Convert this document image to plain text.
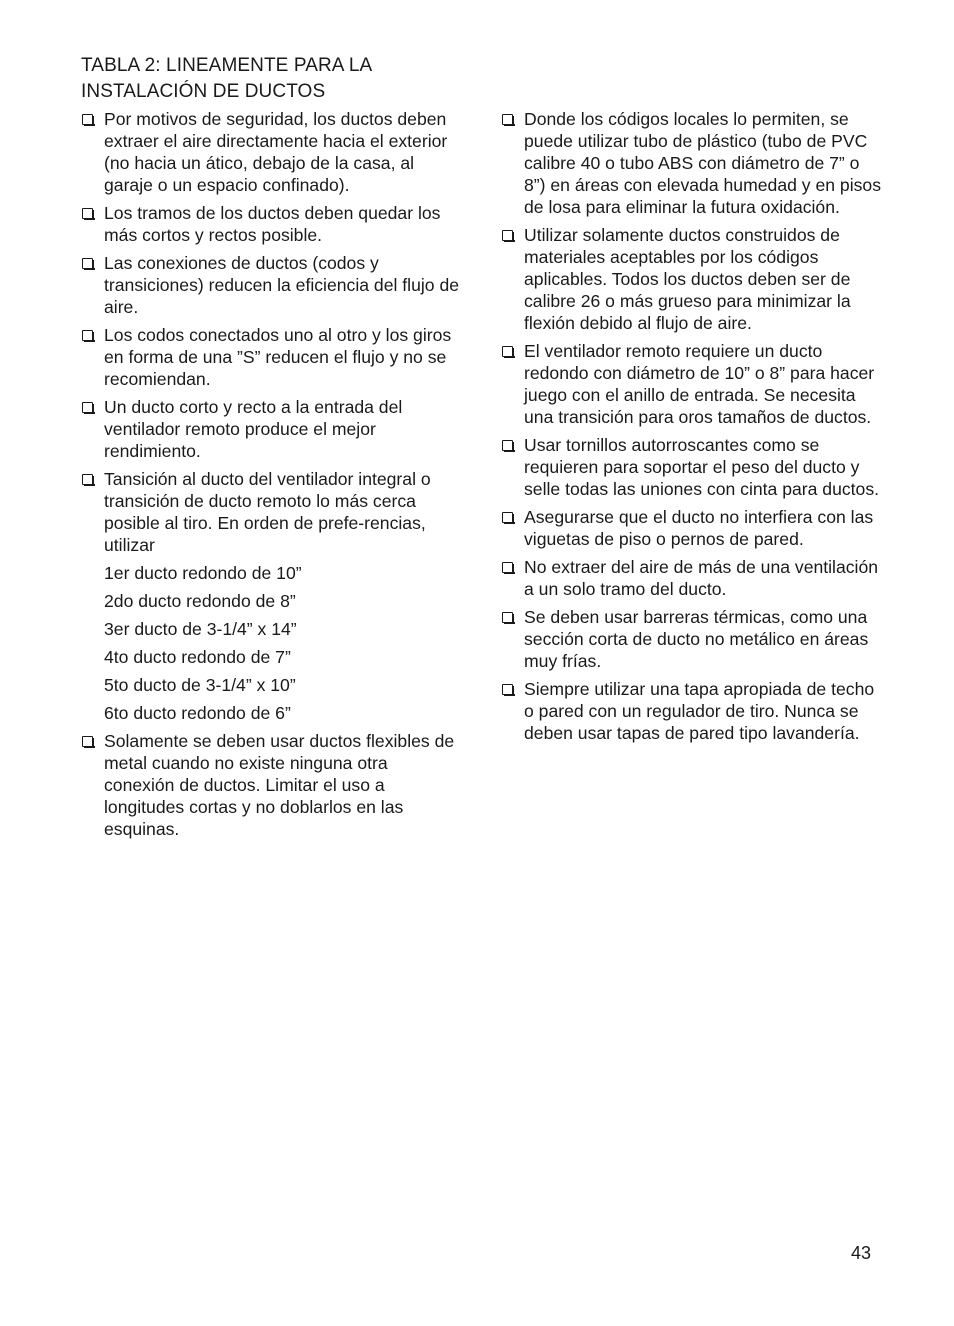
TABLA 2: LINEAMENTE PARA LA
INSTALACIÓN DE DUCTOS
Por motivos de seguridad, los ductos deben extraer el aire directamente hacia el exterior (no hacia un ático, debajo de la casa, al garaje o un espacio confinado).
Los tramos de los ductos deben quedar los más cortos y rectos posible.
Las conexiones de ductos (codos y transiciones) reducen la eficiencia del flujo de aire.
Los codos conectados uno al otro y los giros en forma de una ”S” reducen el flujo y no se recomiendan.
Un ducto corto y recto a la entrada del ventilador remoto produce el mejor rendimiento.
Tansición al ducto del ventilador integral o transición de ducto remoto lo más cerca posible al tiro. En orden de prefe-rencias, utilizar
1er ducto redondo de 10”
2do ducto redondo de 8”
3er ducto de 3-1/4” x 14”
4to ducto redondo de 7”
5to ducto de 3-1/4” x 10”
6to ducto redondo de 6”
Solamente se deben usar ductos flexibles de metal cuando no existe ninguna otra conexión de ductos. Limitar el uso a longitudes cortas y no doblarlos en las esquinas.
Donde los códigos locales lo permiten, se puede utilizar tubo de plástico (tubo de PVC calibre 40 o tubo ABS con diámetro de 7” o 8”) en áreas con elevada humedad y en pisos de losa para eliminar la futura oxidación.
Utilizar solamente ductos construidos de materiales aceptables por los códigos aplicables. Todos los ductos deben ser de calibre 26 o más grueso para minimizar la flexión debido al flujo de aire.
El ventilador remoto requiere un ducto redondo con diámetro de 10” o 8” para hacer juego con el anillo de entrada. Se necesita una transición para oros tamaños de ductos.
Usar tornillos autorroscantes como se requieren para soportar el peso del ducto y selle todas las uniones con cinta para ductos.
Asegurarse que el ducto no interfiera con las viguetas de piso o pernos de pared.
No extraer del aire de más de una ventilación a un solo tramo del ducto.
Se deben usar barreras térmicas, como una sección corta de ducto no metálico en áreas muy frías.
Siempre utilizar una tapa apropiada de techo o pared con un regulador de tiro. Nunca se deben usar tapas de pared tipo lavandería.
43
